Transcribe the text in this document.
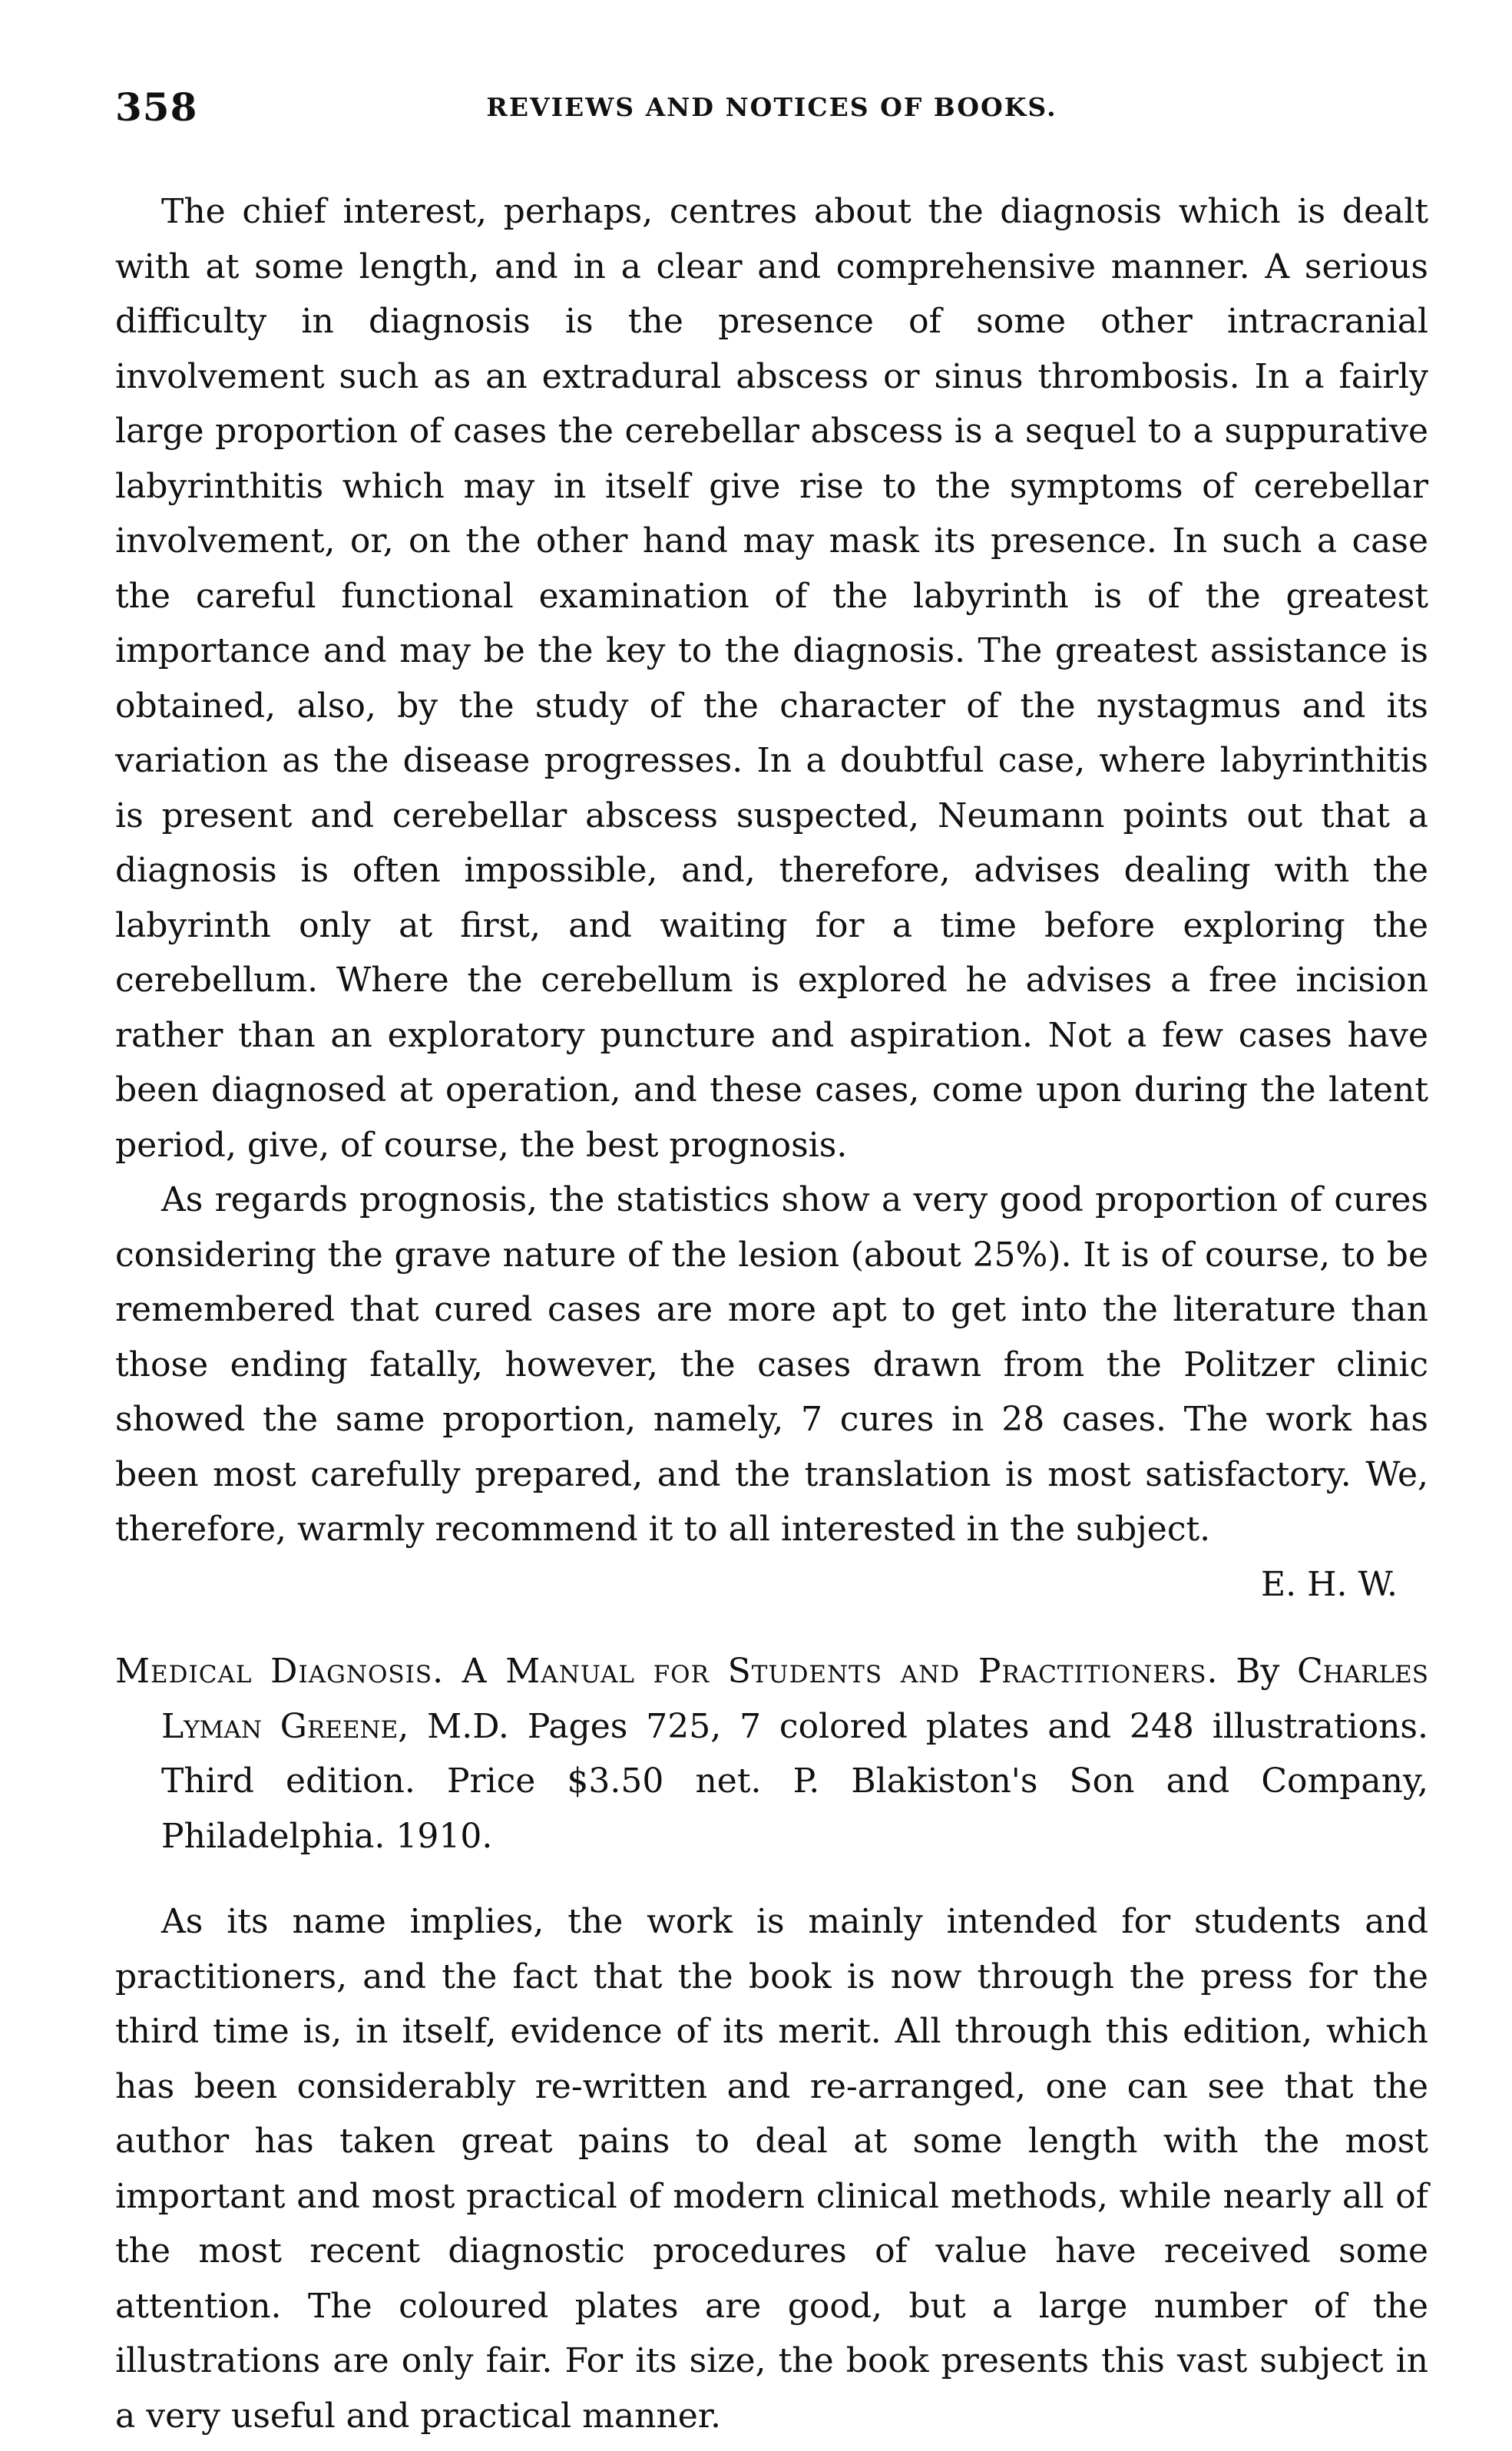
358	REVIEWS AND NOTICES OF BOOKS.

The chief interest, perhaps, centres about the diagnosis which is dealt with at some length, and in a clear and comprehensive manner. A serious difficulty in diagnosis is the presence of some other intracranial involvement such as an extradural abscess or sinus thrombosis. In a fairly large proportion of cases the cerebellar abscess is a sequel to a suppurative labyrinthitis which may in itself give rise to the symptoms of cerebellar involvement, or, on the other hand may mask its presence. In such a case the careful functional examination of the labyrinth is of the greatest importance and may be the key to the diagnosis. The greatest assistance is obtained, also, by the study of the character of the nystagmus and its variation as the disease progresses. In a doubtful case, where labyrinthitis is present and cerebellar abscess suspected, Neumann points out that a diagnosis is often impossible, and, therefore, advises dealing with the labyrinth only at first, and waiting for a time before exploring the cerebellum. Where the cerebellum is explored he advises a free incision rather than an exploratory puncture and aspiration. Not a few cases have been diagnosed at operation, and these cases, come upon during the latent period, give, of course, the best prognosis.

As regards prognosis, the statistics show a very good proportion of cures considering the grave nature of the lesion (about 25%). It is of course, to be remembered that cured cases are more apt to get into the literature than those ending fatally, however, the cases drawn from the Politzer clinic showed the same proportion, namely, 7 cures in 28 cases. The work has been most carefully prepared, and the translation is most satisfactory. We, therefore, warmly recommend it to all interested in the subject.
E. H. W.

Medical Diagnosis. A Manual for Students and Practitioners. By Charles Lyman Greene, M.D. Pages 725, 7 colored plates and 248 illustrations. Third edition. Price $3.50 net. P. Blakiston's Son and Company, Philadelphia. 1910.

As its name implies, the work is mainly intended for students and practitioners, and the fact that the book is now through the press for the third time is, in itself, evidence of its merit. All through this edition, which has been considerably re-written and re-arranged, one can see that the author has taken great pains to deal at some length with the most important and most practical of modern clinical methods, while nearly all of the most recent diagnostic procedures of value have received some attention. The coloured plates are good, but a large number of the illustrations are only fair. For its size, the book presents this vast subject in a very useful and practical manner.
